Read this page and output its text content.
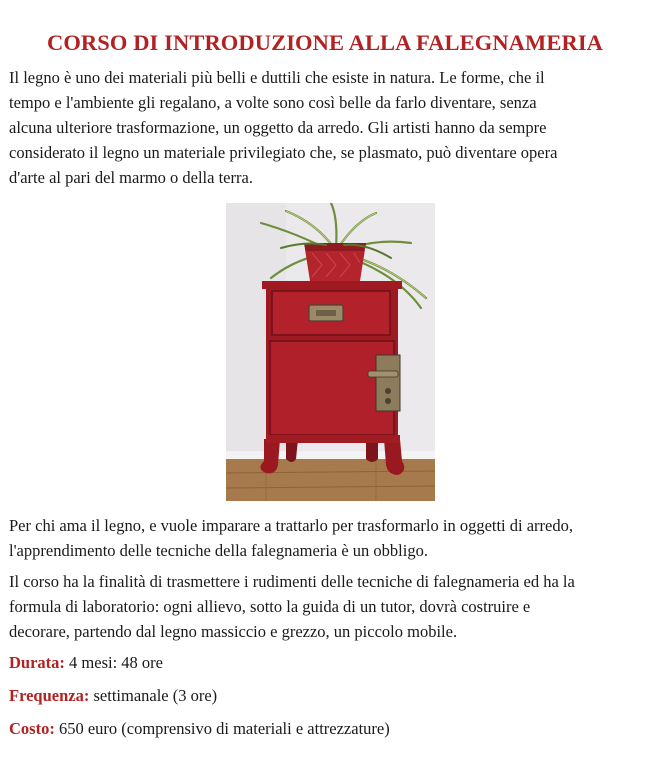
CORSO DI INTRODUZIONE ALLA FALEGNAMERIA

Il legno è uno dei materiali più belli e duttili che esiste in natura. Le forme, che il
tempo e l'ambiente gli regalano, a volte sono così belle da farlo diventare, senza
alcuna ulteriore trasformazione, un oggetto da arredo. Gli artisti hanno da sempre
considerato il legno un materiale privilegiato che, se plasmato, può diventare opera
d'arte al pari del marmo o della terra.

Per chi ama il legno, e vuole imparare a trattarlo per trasformarlo in oggetti di arredo,
l'apprendimento delle tecniche della falegnameria è un obbligo.

Il corso ha la finalità di trasmettere i rudimenti delle tecniche di falegnameria ed ha la
formula di laboratorio: ogni allievo, sotto la guida di un tutor, dovrà costruire e
decorare, partendo dal legno massiccio e grezzo, un piccolo mobile.

Durata: 4 mesi: 48 ore

Frequenza: settimanale (3 ore)

Costo: 650 euro (comprensivo di materiali e attrezzature)
